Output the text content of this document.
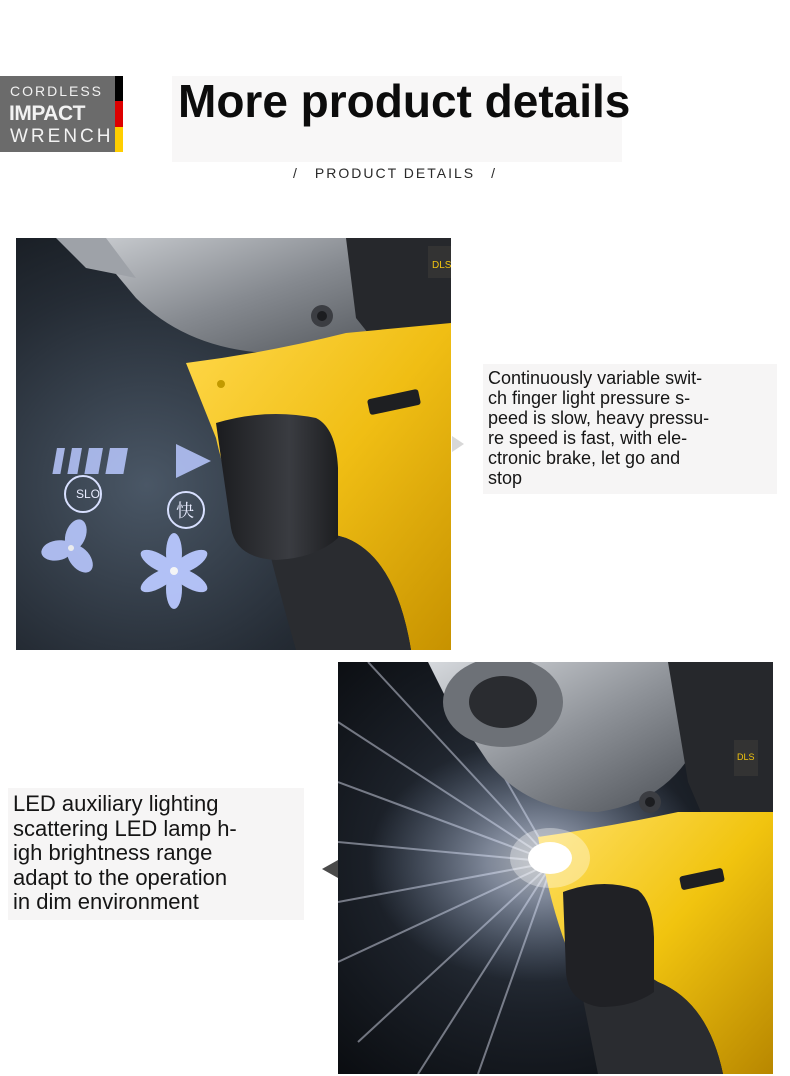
CORDLESS
IMPACT
WRENCH
More product details
/ PRODUCT DETAILS /
DLS
SLO
快
Continuously variable swit-
ch finger light pressure s-
peed is slow, heavy pressu-
re speed is fast, with ele-
ctronic brake, let go and
stop
LED auxiliary lighting
scattering LED lamp h-
igh brightness range
adapt to the operation
in dim environment
DLS
